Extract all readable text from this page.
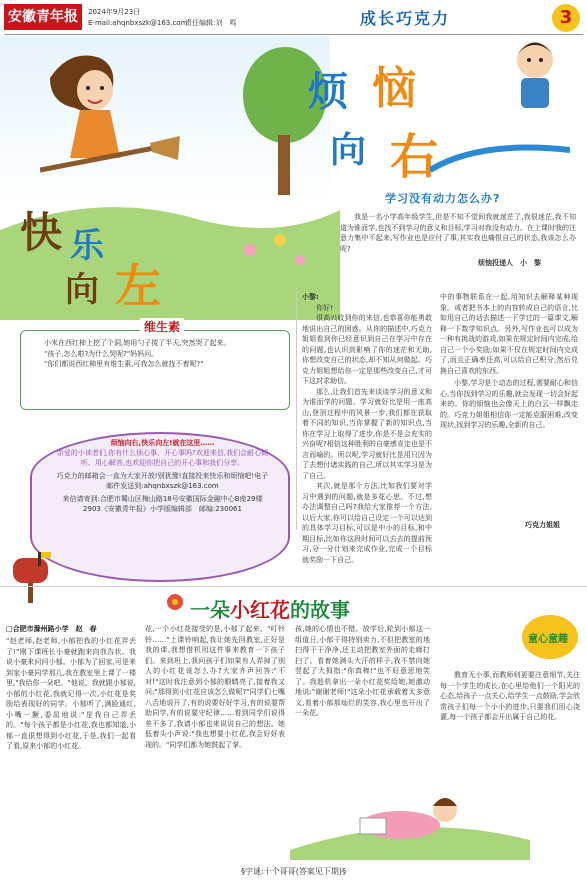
安徽青年报	2024年9月23日
E-mail:ahqnbxszk@163.com
责任编辑:刘　鸣	成长巧克力	3
快 乐
向 左
维生素

小米在西红柿上挖了个洞,她用勺子搅了半天,突然哭了起来。

"孩子,怎么啦?为什么哭呢?"妈妈问。

"你们都说西红柿里有维生素,可我怎么就找不着呢?"

烦恼向右,快乐向左!就在这里……

亲爱的小读者们,你有什么烦心事、开心事吗?欢迎来信,我们会耐心倾听、用心解答,也欢迎你把自己的开心事和我们分享。

巧克力的邮箱会一直为大家开放!别犹豫!直接投来快乐和烦恼吧!电子邮件发送到:ahqnbxszk@163.com

来信请寄到:合肥市蜀山区梅山路18号安徽国际金融中心B座29楼2903《安徽青年报》小学版编辑部　邮编:230061

烦 恼
向 右
学习没有动力怎么办?

我是一名小学高年级学生,但是不知不觉间我就迷茫了,我很迷茫,我不知道为谁而学,也找不到学习的意义和目标,学习对我没有动力。在上课时我的注意力集中不起来,写作业也是应付了事,其实我也痛恨自己的状态,我该怎么办呢?

烦恼投递人　小　黎

小黎:

你好!

很高兴收到你的来信,也恭喜你能勇敢地说出自己的困惑。从你的描述中,巧克力姐姐看到你已经意识到自己在学习中存在的问题,也认识到影响了你的迷茫和无助,你想改变自己的状态,却不知从何做起。巧克力姐姐想给你一定是那些改变自己,才可下这封求助信。

那么,让我们首先来谈谈学习的意义和为谁而学的问题。学习就好比是用一座高山,登顶过程中的风景一步,我们都在获取着不同的知识,当你掌握了新的知识点,当你在学习上取得了进步,你是不是会充实的兴奋呢?相信这种胜利的自豪感肯定也是不言而喻的。所以呢,学习就好比是用只因为了去想付诸实践的自己,所以其实学习是为了自己。

其次,就是那个方法,比如我们要对学习中遇到的问题,就是多花心思。不过,想办法调整自己吗?我给大家推荐一个方法,以后大家,你可以给自己设定一个可以达到的具体学习目标,可以是中小的目标,和中期目标,比如你这段时间可以去去的提前预习,分一分计划来完成作业,完成一个目标就奖励一下自己。

中的事物联系在一起,用知识去解释某种现象。或者把书本上的内容转成自己的语言,比如用自己的话去描述一下学过的一篇课文,解释一下数学知识点。另外,写作业也可以成为一种有挑战的游戏,如果在规定时间内完成,给自己一个小奖励;如果不仅在规定时间内完成了,而且正确率还高,可以给自己积分,然后兑换自己喜欢的东西。

小黎,学习是个动态的过程,需要耐心和信心,当你找到学习的乐趣,就会发现一切会好起来的。你的烦恼也会像天上的白云一样飘走的。巧克力姐姐相信你一定能克服困难,改变现状,找到学习的乐趣,全新的自己。

巧克力姐姐
一朵小红花的故事
□合肥市滁州路小学　赵　春

"赵老师,赵老师,小郁把我的小红花弄丢了!"刚下课班长小豪就跑来向我告状。我说小豪来问问小郁。小郁为了回家,可是来到家小豪同学那儿,我在教室里上课了一楼里,"我给你一朵吧。"他说。我就跟小郁说,小郁的小红花,我就记得一次,小红花是奖励给表现好的同学。小郁听了,满脸通红,小嘴一撅,委屈地说:"是我自己弄丢的。"每个孩子都是小红花,我也都知道,小郁一直很想得到小红花,于是,我们一起看了看,原来小郁的小红花。

花,一个小红花接受的是,小郁了起来。"叮铃铃……"上课铃响起,我让她先回教室,正好是我的课,我想借机用这件事来教育一下孩子们。来到班上,我问孩子们如果有人弄掉了别人的小红花该怎么办?大家齐声回答:"不对!"这时我注意到小郁的眼睛亮了,接着我又问:"那得到小红花应该怎么做呢?"同学们七嘴八舌地说开了,有的说要好好学习,有的说要帮助同学,有的说要守纪律……看到同学们说得差不多了,我请小郁也来说说自己的想法。她低着头小声说:"我也想要小红花,我会好好表现的。"同学们都为她鼓起了掌。

孩,她的心情也不错。放学后,轮到小郁这一组值日,小郁干得特别卖力,不但把教室的地扫得干干净净,还主动把教室外面的走廊打扫了。看着她满头大汗的样子,我不禁向她竖起了大拇指:"你真棒!"也不好意思地笑了。我趁机拿出一朵小红花奖给她,她激动地说:"谢谢老师!"这朵小红花承载着太多意义,看着小郁那灿烂的笑容,我心里也开出了一朵花。

童心童趣

教育无小事,而教师则更要注意细节,关注每一个学生的成长,在心里给他们一个阳光的心态,给孩子一点关心,给学生一点鼓励,学会欣赏孩子们每一个小小的进步,只要我们用心浇灌,每一个孩子都会开出属于自己的花。

§字谜:十个哥哥(答案见下期)§
